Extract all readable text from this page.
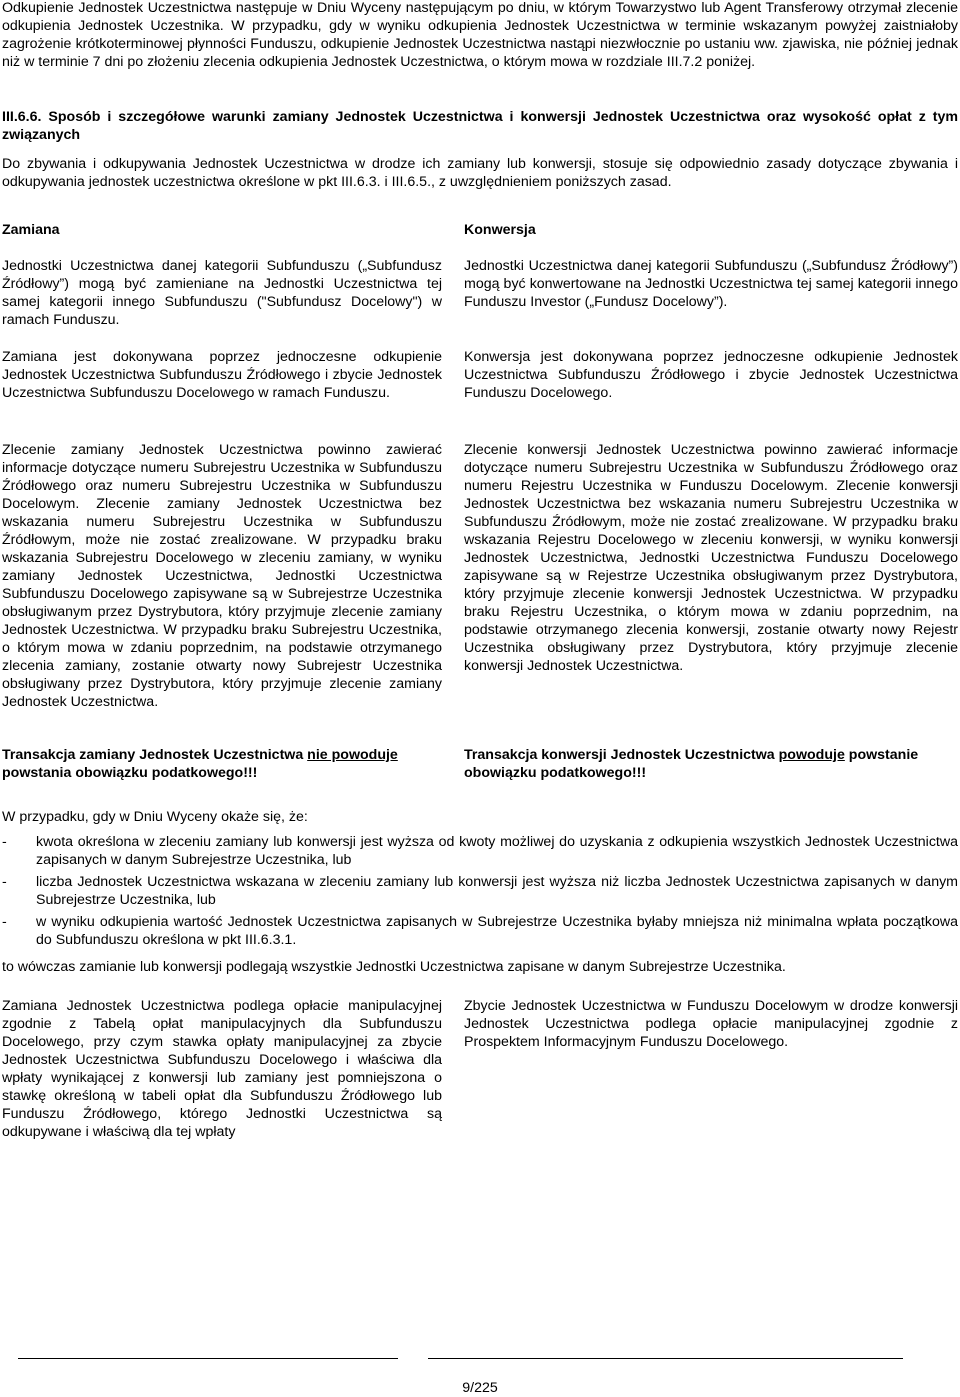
Odkupienie Jednostek Uczestnictwa następuje w Dniu Wyceny następującym po dniu, w którym Towarzystwo lub Agent Transferowy otrzymał zlecenie odkupienia Jednostek Uczestnika. W przypadku, gdy w wyniku odkupienia Jednostek Uczestnictwa w terminie wskazanym powyżej zaistniałoby zagrożenie krótkoterminowej płynności Funduszu, odkupienie Jednostek Uczestnictwa nastąpi niezwłocznie po ustaniu ww. zjawiska, nie później jednak niż w terminie 7 dni po złożeniu zlecenia odkupienia Jednostek Uczestnictwa, o którym mowa w rozdziale III.7.2 poniżej.

III.6.6. Sposób i szczegółowe warunki zamiany Jednostek Uczestnictwa i konwersji Jednostek Uczestnictwa oraz wysokość opłat z tym związanych

Do zbywania i odkupywania Jednostek Uczestnictwa w drodze ich zamiany lub konwersji, stosuje się odpowiednio zasady dotyczące zbywania i odkupywania jednostek uczestnictwa określone w pkt III.6.3. i III.6.5., z uwzględnieniem poniższych zasad.

Zamiana	Konwersja

Jednostki Uczestnictwa danej kategorii Subfunduszu („Subfundusz Źródłowy”) mogą być zamieniane na Jednostki Uczestnictwa tej samej kategorii innego Subfunduszu ("Subfundusz Docelowy") w ramach Funduszu.

Jednostki Uczestnictwa danej kategorii Subfunduszu („Subfundusz Źródłowy”) mogą być konwertowane na Jednostki Uczestnictwa tej samej kategorii innego Funduszu Investor („Fundusz Docelowy”).

Zamiana jest dokonywana poprzez jednoczesne odkupienie Jednostek Uczestnictwa Subfunduszu Źródłowego i zbycie Jednostek Uczestnictwa Subfunduszu Docelowego w ramach Funduszu.

Konwersja jest dokonywana poprzez jednoczesne odkupienie Jednostek Uczestnictwa Subfunduszu Źródłowego i zbycie Jednostek Uczestnictwa Funduszu Docelowego.

Zlecenie zamiany Jednostek Uczestnictwa powinno zawierać informacje dotyczące numeru Subrejestru Uczestnika w Subfunduszu Źródłowego oraz numeru Subrejestru Uczestnika w Subfunduszu Docelowym. Zlecenie zamiany Jednostek Uczestnictwa bez wskazania numeru Subrejestru Uczestnika w Subfunduszu Źródłowym, może nie zostać zrealizowane. W przypadku braku wskazania Subrejestru Docelowego w zleceniu zamiany, w wyniku zamiany Jednostek Uczestnictwa, Jednostki Uczestnictwa Subfunduszu Docelowego zapisywane są w Subrejestrze Uczestnika obsługiwanym przez Dystrybutora, który przyjmuje zlecenie zamiany Jednostek Uczestnictwa. W przypadku braku Subrejestru Uczestnika, o którym mowa w zdaniu poprzednim, na podstawie otrzymanego zlecenia zamiany, zostanie otwarty nowy Subrejestr Uczestnika obsługiwany przez Dystrybutora, który przyjmuje zlecenie zamiany Jednostek Uczestnictwa.

Zlecenie konwersji Jednostek Uczestnictwa powinno zawierać informacje dotyczące numeru Subrejestru Uczestnika w Subfunduszu Źródłowego oraz numeru Rejestru Uczestnika w Funduszu Docelowym. Zlecenie konwersji Jednostek Uczestnictwa bez wskazania numeru Subrejestru Uczestnika w Subfunduszu Źródłowym, może nie zostać zrealizowane. W przypadku braku wskazania Rejestru Docelowego w zleceniu konwersji, w wyniku konwersji Jednostek Uczestnictwa, Jednostki Uczestnictwa Funduszu Docelowego zapisywane są w Rejestrze Uczestnika obsługiwanym przez Dystrybutora, który przyjmuje zlecenie konwersji Jednostek Uczestnictwa. W przypadku braku Rejestru Uczestnika, o którym mowa w zdaniu poprzednim, na podstawie otrzymanego zlecenia konwersji, zostanie otwarty nowy Rejestr Uczestnika obsługiwany przez Dystrybutora, który przyjmuje zlecenie konwersji Jednostek Uczestnictwa.

Transakcja zamiany Jednostek Uczestnictwa nie powoduje powstania obowiązku podatkowego!!!

Transakcja konwersji Jednostek Uczestnictwa powoduje powstanie obowiązku podatkowego!!!

W przypadku, gdy w Dniu Wyceny okaże się, że:

- kwota określona w zleceniu zamiany lub konwersji jest wyższa od kwoty możliwej do uzyskania z odkupienia wszystkich Jednostek Uczestnictwa zapisanych w danym Subrejestrze Uczestnika, lub
- liczba Jednostek Uczestnictwa wskazana w zleceniu zamiany lub konwersji jest wyższa niż liczba Jednostek Uczestnictwa zapisanych w danym Subrejestrze Uczestnika, lub
- w wyniku odkupienia wartość Jednostek Uczestnictwa zapisanych w Subrejestrze Uczestnika byłaby mniejsza niż minimalna wpłata początkowa do Subfunduszu określona w pkt III.6.3.1.

to wówczas zamianie lub konwersji podlegają wszystkie Jednostki Uczestnictwa zapisane w danym Subrejestrze Uczestnika.

Zamiana Jednostek Uczestnictwa podlega opłacie manipulacyjnej zgodnie z Tabelą opłat manipulacyjnych dla Subfunduszu Docelowego, przy czym stawka opłaty manipulacyjnej za zbycie Jednostek Uczestnictwa Subfunduszu Docelowego i właściwa dla wpłaty wynikającej z konwersji lub zamiany jest pomniejszona o stawkę określoną w tabeli opłat dla Subfunduszu Źródłowego lub Funduszu Źródłowego, którego Jednostki Uczestnictwa są odkupywane i właściwą dla tej wpłaty

Zbycie Jednostek Uczestnictwa w Funduszu Docelowym w drodze konwersji Jednostek Uczestnictwa podlega opłacie manipulacyjnej zgodnie z Prospektem Informacyjnym Funduszu Docelowego.

9/225
